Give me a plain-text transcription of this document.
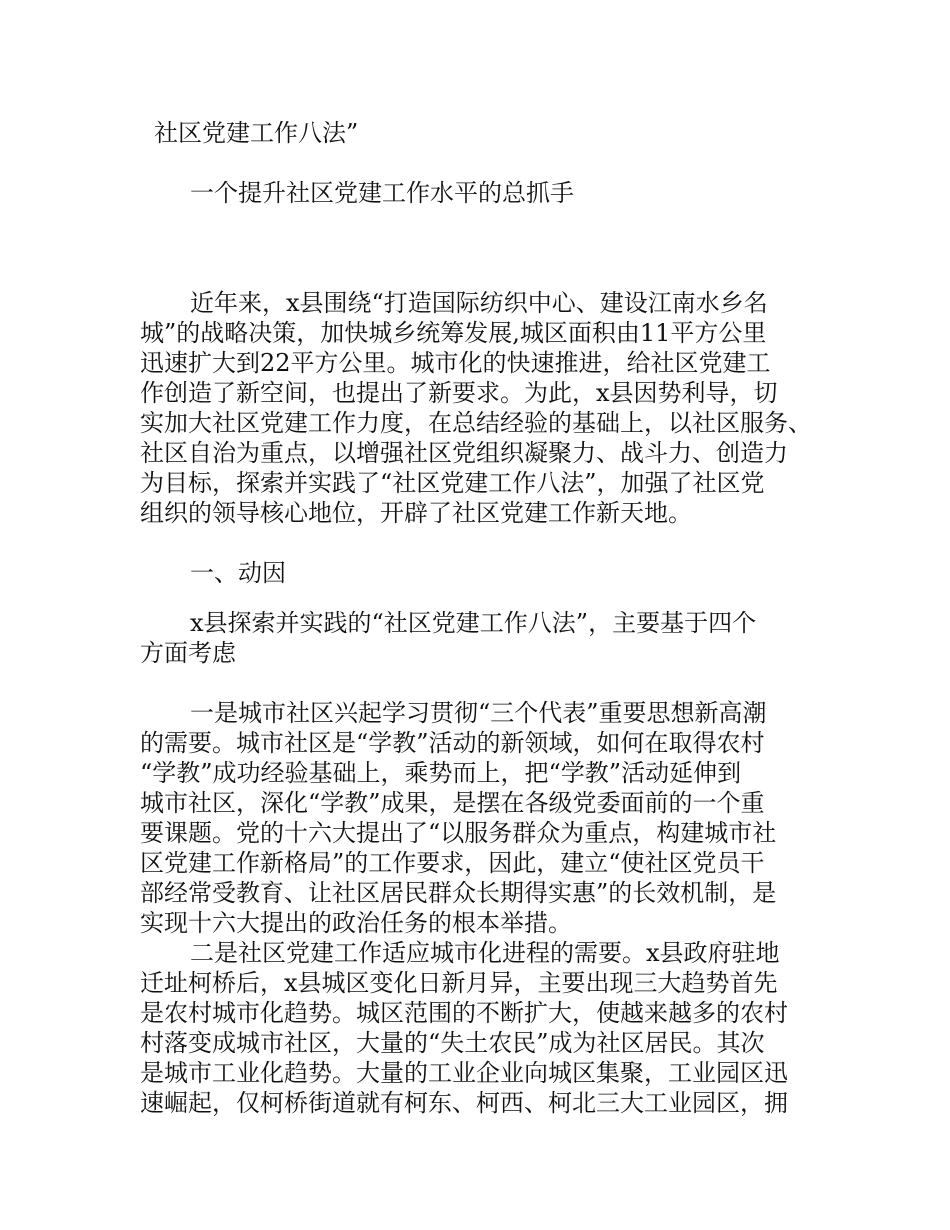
社区党建工作八法”
一个提升社区党建工作水平的总抓手
近年来，x县围绕“打造国际纺织中心、建设江南水乡名
城”的战略决策，加快城乡统筹发展,城区面积由11平方公里
迅速扩大到22平方公里。城市化的快速推进，给社区党建工
作创造了新空间，也提出了新要求。为此，x县因势利导，切
实加大社区党建工作力度，在总结经验的基础上，以社区服务、
社区自治为重点，以增强社区党组织凝聚力、战斗力、创造力
为目标，探索并实践了“社区党建工作八法”，加强了社区党
组织的领导核心地位，开辟了社区党建工作新天地。
一、动因
x县探索并实践的“社区党建工作八法”，主要基于四个
方面考虑
一是城市社区兴起学习贯彻“三个代表”重要思想新高潮
的需要。城市社区是“学教”活动的新领域，如何在取得农村
“学教”成功经验基础上，乘势而上，把“学教”活动延伸到
城市社区，深化“学教”成果，是摆在各级党委面前的一个重
要课题。党的十六大提出了“以服务群众为重点，构建城市社
区党建工作新格局”的工作要求，因此，建立“使社区党员干
部经常受教育、让社区居民群众长期得实惠”的长效机制，是
实现十六大提出的政治任务的根本举措。
二是社区党建工作适应城市化进程的需要。x县政府驻地
迁址柯桥后，x县城区变化日新月异，主要出现三大趋势首先
是农村城市化趋势。城区范围的不断扩大，使越来越多的农村
村落变成城市社区，大量的“失土农民”成为社区居民。其次
是城市工业化趋势。大量的工业企业向城区集聚，工业园区迅
速崛起，仅柯桥街道就有柯东、柯西、柯北三大工业园区，拥
